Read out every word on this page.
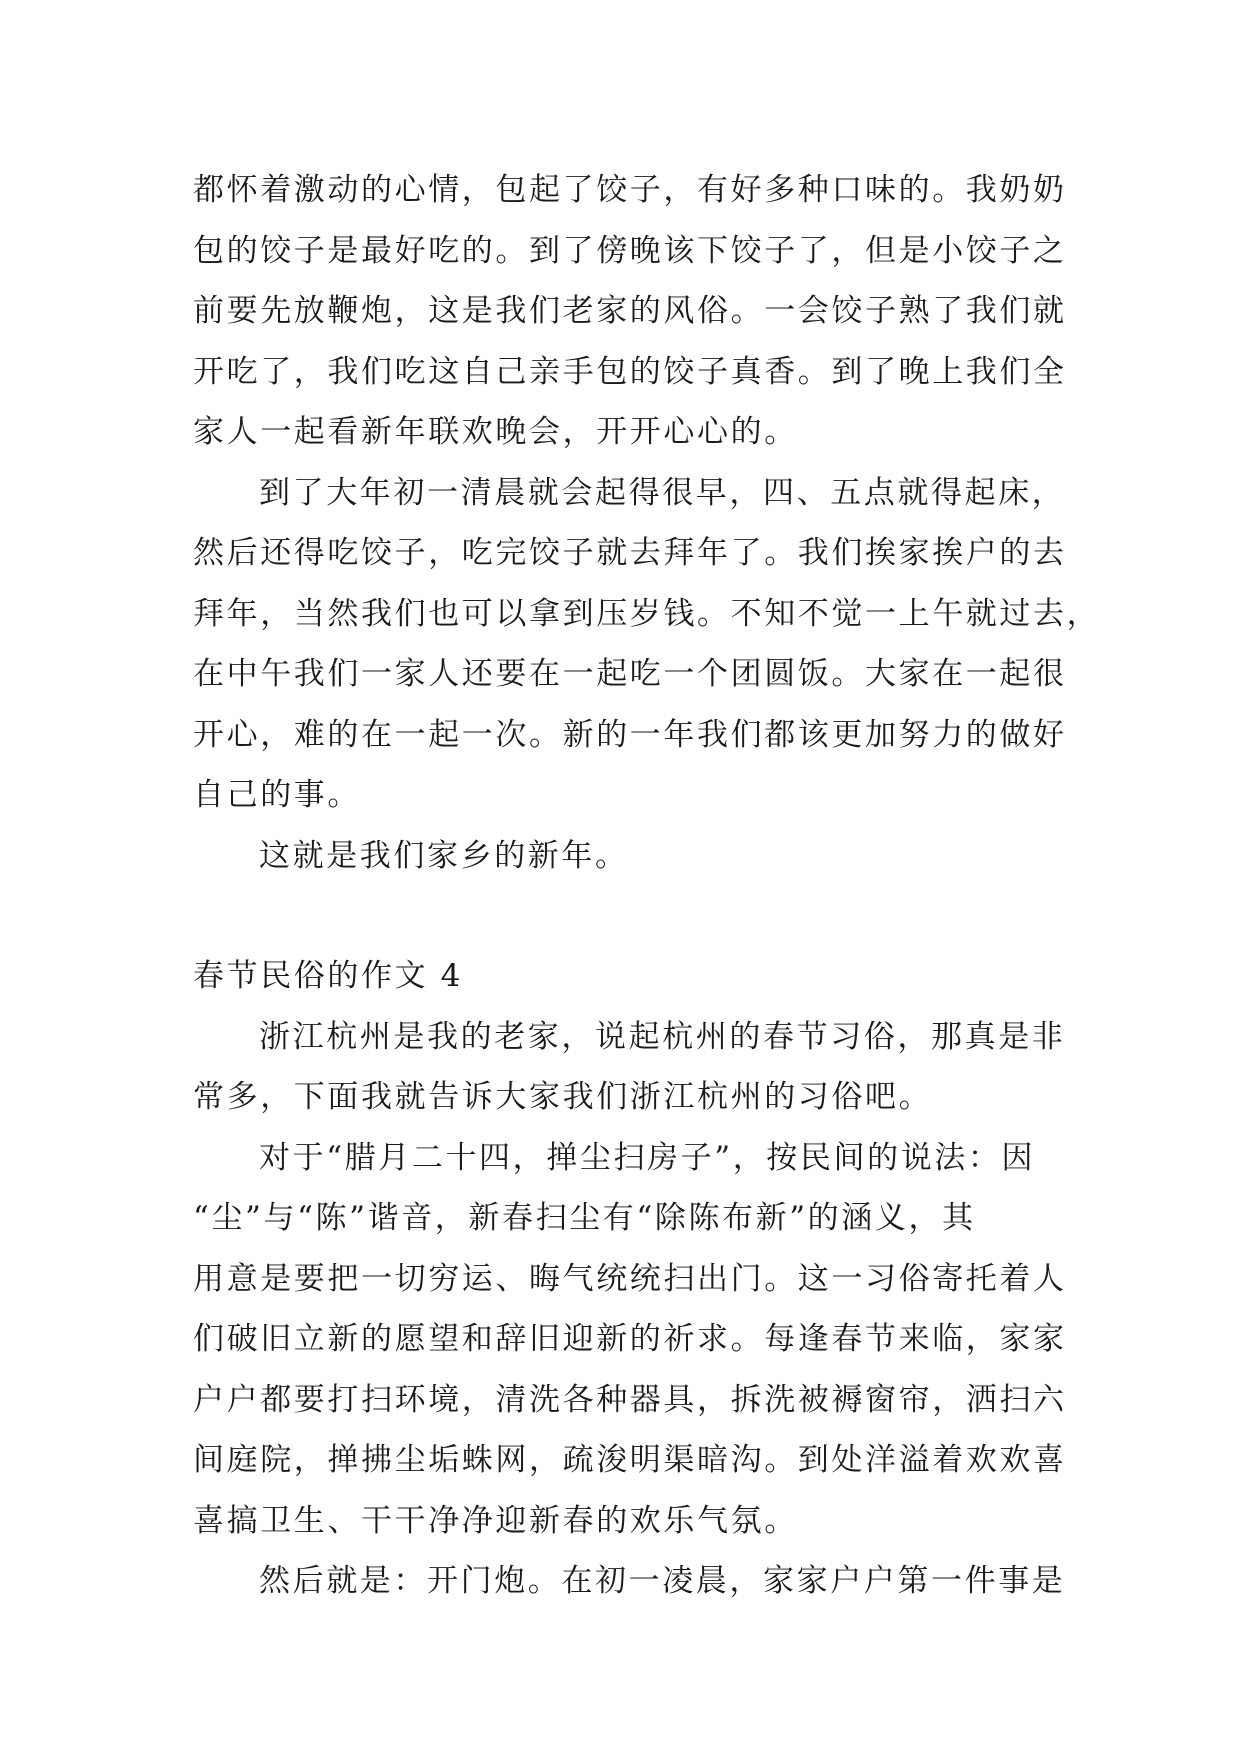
都怀着激动的心情，包起了饺子，有好多种口味的。我奶奶
包的饺子是最好吃的。到了傍晚该下饺子了，但是小饺子之
前要先放鞭炮，这是我们老家的风俗。一会饺子熟了我们就
开吃了，我们吃这自己亲手包的饺子真香。到了晚上我们全
家人一起看新年联欢晚会，开开心心的。
到了大年初一清晨就会起得很早，四、五点就得起床，
然后还得吃饺子，吃完饺子就去拜年了。我们挨家挨户的去
拜年，当然我们也可以拿到压岁钱。不知不觉一上午就过去，
在中午我们一家人还要在一起吃一个团圆饭。大家在一起很
开心，难的在一起一次。新的一年我们都该更加努力的做好
自己的事。
这就是我们家乡的新年。
春节民俗的作文 4
浙江杭州是我的老家，说起杭州的春节习俗，那真是非
常多，下面我就告诉大家我们浙江杭州的习俗吧。
对于“腊月二十四，掸尘扫房子”，按民间的说法：因
“尘”与“陈”谐音，新春扫尘有“除陈布新”的涵义，其
用意是要把一切穷运、晦气统统扫出门。这一习俗寄托着人
们破旧立新的愿望和辞旧迎新的祈求。每逢春节来临，家家
户户都要打扫环境，清洗各种器具，拆洗被褥窗帘，洒扫六
间庭院，掸拂尘垢蛛网，疏浚明渠暗沟。到处洋溢着欢欢喜
喜搞卫生、干干净净迎新春的欢乐气氛。
然后就是：开门炮。在初一凌晨，家家户户第一件事是
